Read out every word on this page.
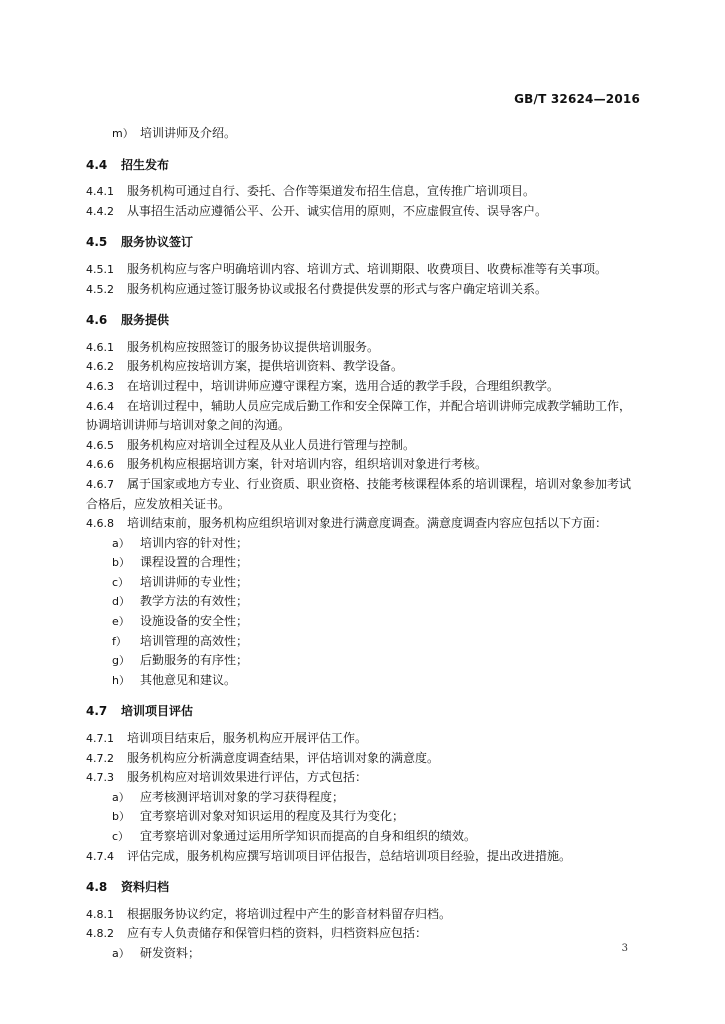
GB/T 32624—2016
m） 培训讲师及介绍。
4.4 招生发布
4.4.1 服务机构可通过自行、委托、合作等渠道发布招生信息，宣传推广培训项目。
4.4.2 从事招生活动应遵循公平、公开、诚实信用的原则，不应虚假宣传、误导客户。
4.5 服务协议签订
4.5.1 服务机构应与客户明确培训内容、培训方式、培训期限、收费项目、收费标准等有关事项。
4.5.2 服务机构应通过签订服务协议或报名付费提供发票的形式与客户确定培训关系。
4.6 服务提供
4.6.1 服务机构应按照签订的服务协议提供培训服务。
4.6.2 服务机构应按培训方案，提供培训资料、教学设备。
4.6.3 在培训过程中，培训讲师应遵守课程方案，选用合适的教学手段，合理组织教学。
4.6.4 在培训过程中，辅助人员应完成后勤工作和安全保障工作，并配合培训讲师完成教学辅助工作，
协调培训讲师与培训对象之间的沟通。
4.6.5 服务机构应对培训全过程及从业人员进行管理与控制。
4.6.6 服务机构应根据培训方案，针对培训内容，组织培训对象进行考核。
4.6.7 属于国家或地方专业、行业资质、职业资格、技能考核课程体系的培训课程，培训对象参加考试
合格后，应发放相关证书。
4.6.8 培训结束前，服务机构应组织培训对象进行满意度调查。满意度调查内容应包括以下方面：
a） 培训内容的针对性；
b） 课程设置的合理性；
c） 培训讲师的专业性；
d） 教学方法的有效性；
e） 设施设备的安全性；
f） 培训管理的高效性；
g） 后勤服务的有序性；
h） 其他意见和建议。
4.7 培训项目评估
4.7.1 培训项目结束后，服务机构应开展评估工作。
4.7.2 服务机构应分析满意度调查结果，评估培训对象的满意度。
4.7.3 服务机构应对培训效果进行评估，方式包括：
a） 应考核测评培训对象的学习获得程度；
b） 宜考察培训对象对知识运用的程度及其行为变化；
c） 宜考察培训对象通过运用所学知识而提高的自身和组织的绩效。
4.7.4 评估完成，服务机构应撰写培训项目评估报告，总结培训项目经验，提出改进措施。
4.8 资料归档
4.8.1 根据服务协议约定，将培训过程中产生的影音材料留存归档。
4.8.2 应有专人负责储存和保管归档的资料，归档资料应包括：
a） 研发资料；	3
